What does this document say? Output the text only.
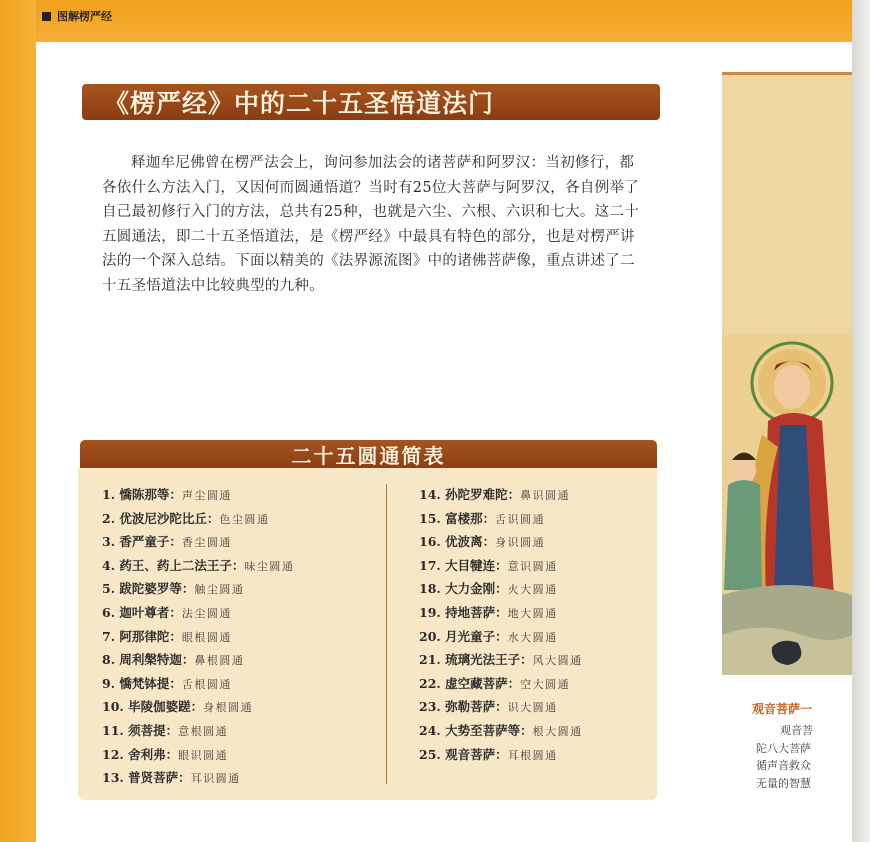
图解楞严经
《楞严经》中的二十五圣悟道法门
释迦牟尼佛曾在楞严法会上，询问参加法会的诸菩萨和阿罗汉：当初修行，都各依什么方法入门，又因何而圆通悟道？当时有25位大菩萨与阿罗汉，各自例举了自己最初修行入门的方法，总共有25种，也就是六尘、六根、六识和七大。这二十五圆通法，即二十五圣悟道法，是《楞严经》中最具有特色的部分，也是对楞严讲法的一个深入总结。下面以精美的《法界源流图》中的诸佛菩萨像，重点讲述了二十五圣悟道法中比较典型的九种。
二十五圆通简表
1. 憍陈那等：声尘圆通
2. 优波尼沙陀比丘：色尘圆通
3. 香严童子：香尘圆通
4. 药王、药上二法王子：味尘圆通
5. 跋陀婆罗等：触尘圆通
6. 迦叶尊者：法尘圆通
7. 阿那律陀：眼根圆通
8. 周利槃特迦：鼻根圆通
9. 憍梵钵提：舌根圆通
10. 毕陵伽婆蹉：身根圆通
11. 须菩提：意根圆通
12. 舍利弗：眼识圆通
13. 普贤菩萨：耳识圆通
14. 孙陀罗难陀：鼻识圆通
15. 富楼那：舌识圆通
16. 优波离：身识圆通
17. 大目犍连：意识圆通
18. 大力金刚：火大圆通
19. 持地菩萨：地大圆通
20. 月光童子：水大圆通
21. 琉璃光法王子：风大圆通
22. 虚空藏菩萨：空大圆通
23. 弥勒菩萨：识大圆通
24. 大势至菩萨等：根大圆通
25. 观音菩萨：耳根圆通
观音菩萨一
观音菩
陀八大菩萨
循声音救众
无量的智慧
